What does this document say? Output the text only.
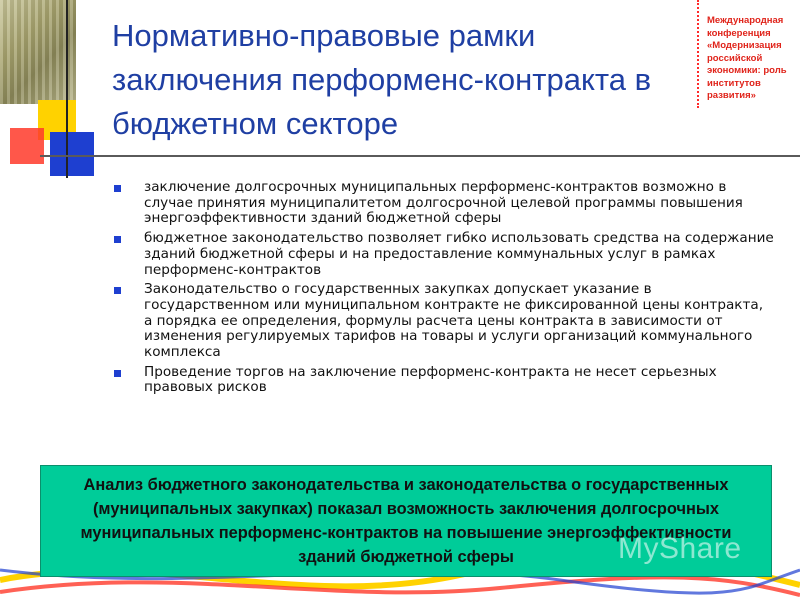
Нормативно-правовые рамки заключения перформенс-контракта в бюджетном секторе
Международная конференция «Модернизация российской экономики: роль институтов развития»
заключение долгосрочных муниципальных перформенс-контрактов возможно в случае принятия муниципалитетом долгосрочной целевой программы повышения энергоэффективности зданий бюджетной сферы
бюджетное законодательство позволяет гибко использовать средства на содержание зданий бюджетной сферы и на предоставление коммунальных услуг в рамках перформенс-контрактов
Законодательство о государственных закупках допускает указание в государственном или муниципальном контракте не фиксированной цены контракта, а порядка ее определения, формулы расчета цены контракта в зависимости от изменения регулируемых тарифов на товары и услуги организаций коммунального комплекса
Проведение торгов на заключение перформенс-контракта не несет серьезных правовых рисков
Анализ бюджетного законодательства и законодательства о государственных (муниципальных закупках) показал возможность заключения долгосрочных муниципальных перформенс-контрактов на повышение энергоэффективности зданий бюджетной сферы	MyShare
